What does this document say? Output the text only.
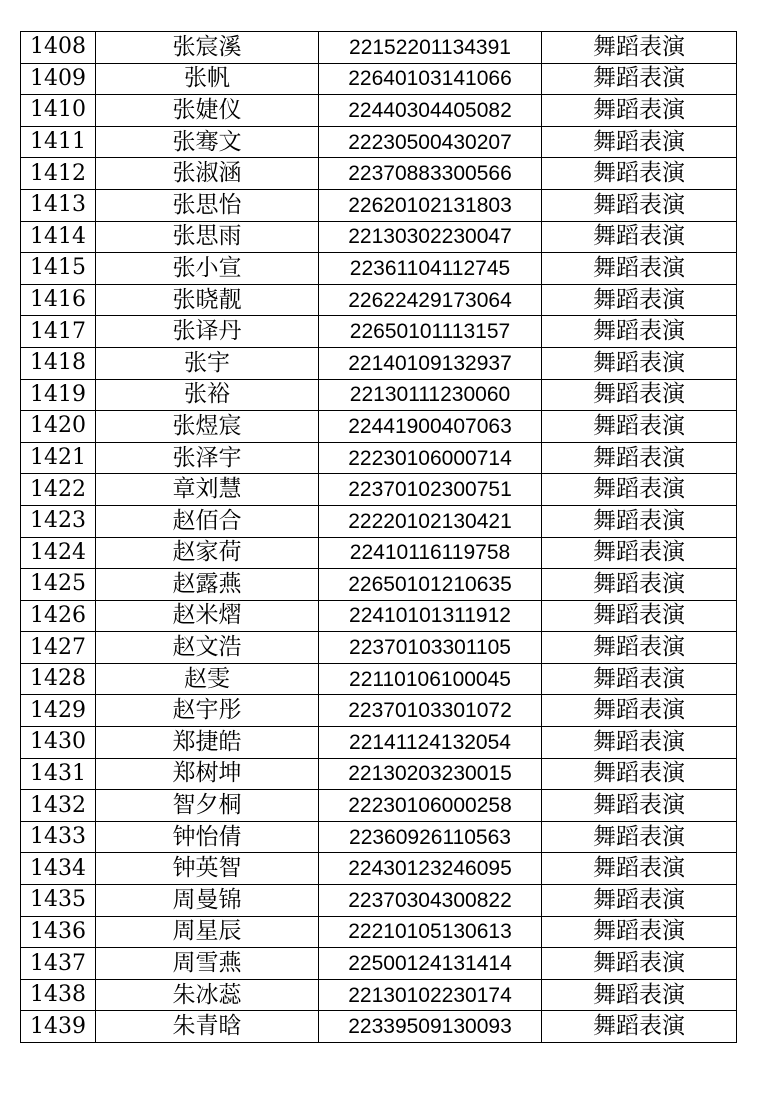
1408	张宸溪	22152201134391	舞蹈表演
1409	张帆	22640103141066	舞蹈表演
1410	张婕仪	22440304405082	舞蹈表演
1411	张骞文	22230500430207	舞蹈表演
1412	张淑涵	22370883300566	舞蹈表演
1413	张思怡	22620102131803	舞蹈表演
1414	张思雨	22130302230047	舞蹈表演
1415	张小宣	22361104112745	舞蹈表演
1416	张晓靓	22622429173064	舞蹈表演
1417	张译丹	22650101113157	舞蹈表演
1418	张宇	22140109132937	舞蹈表演
1419	张裕	22130111230060	舞蹈表演
1420	张煜宸	22441900407063	舞蹈表演
1421	张泽宇	22230106000714	舞蹈表演
1422	章刘慧	22370102300751	舞蹈表演
1423	赵佰合	22220102130421	舞蹈表演
1424	赵家荷	22410116119758	舞蹈表演
1425	赵露燕	22650101210635	舞蹈表演
1426	赵米熠	22410101311912	舞蹈表演
1427	赵文浩	22370103301105	舞蹈表演
1428	赵雯	22110106100045	舞蹈表演
1429	赵宇彤	22370103301072	舞蹈表演
1430	郑捷皓	22141124132054	舞蹈表演
1431	郑树坤	22130203230015	舞蹈表演
1432	智夕桐	22230106000258	舞蹈表演
1433	钟怡倩	22360926110563	舞蹈表演
1434	钟英智	22430123246095	舞蹈表演
1435	周曼锦	22370304300822	舞蹈表演
1436	周星辰	22210105130613	舞蹈表演
1437	周雪燕	22500124131414	舞蹈表演
1438	朱冰蕊	22130102230174	舞蹈表演
1439	朱青晗	22339509130093	舞蹈表演
